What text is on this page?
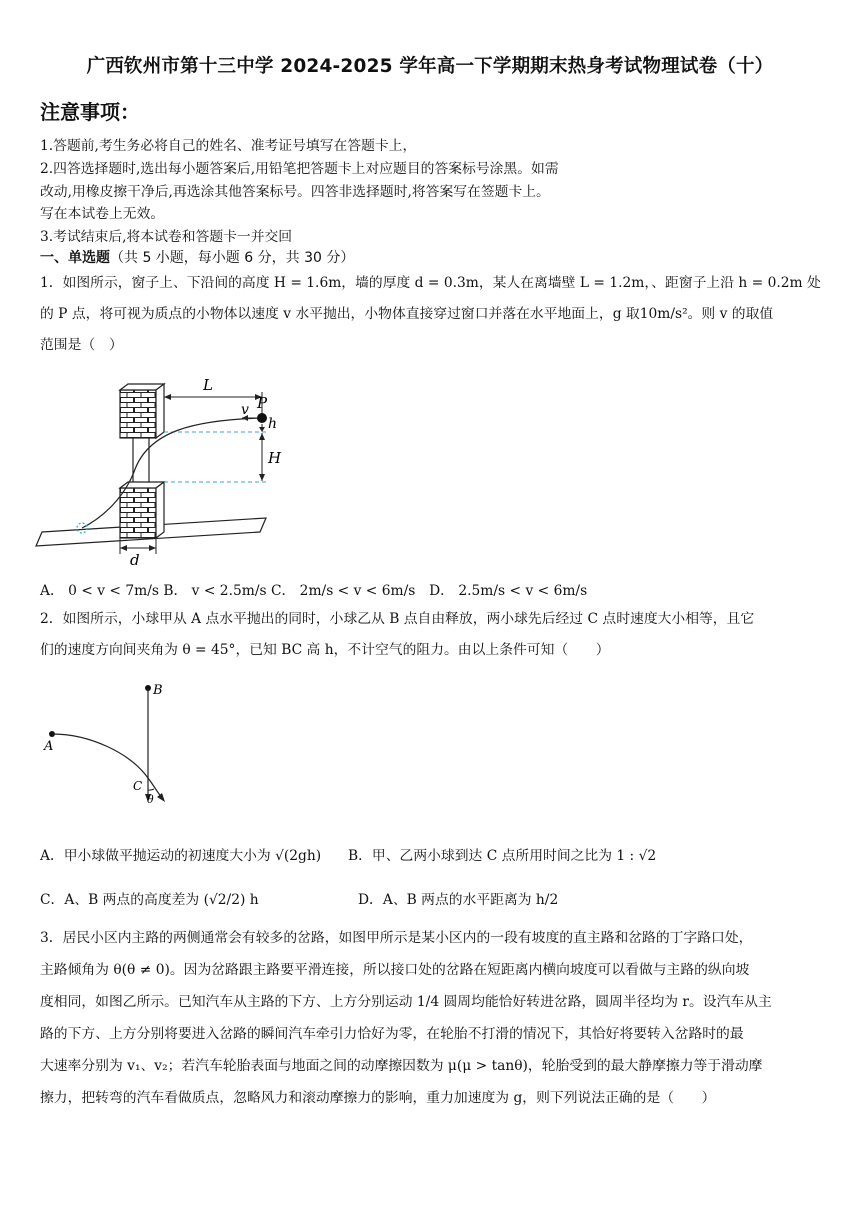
广西钦州市第十三中学 2024-2025 学年高一下学期期末热身考试物理试卷（十）
注意事项：
1.答题前,考生务必将自己的姓名、准考证号填写在答题卡上，
2.四答选择题时,选出每小题答案后,用铅笔把答题卡上对应题目的答案标号涂黑。如需
改动,用橡皮擦干净后,再选涂其他答案标号。四答非选择题时,将答案写在签题卡上。
写在本试卷上无效。
3.考试结束后,将本试卷和答题卡一并交回
一、单选题（共 5 小题，每小题 6 分，共 30 分）
1．如图所示，窗子上、下沿间的高度 H = 1.6m，墙的厚度 d = 0.3m，某人在离墙壁 L = 1.2m，、距窗子上沿 h = 0.2m 处
的 P 点，将可视为质点的小物体以速度 v 水平抛出，小物体直接穿过窗口并落在水平地面上，g 取10m/s²。则 v 的取值
范围是（　）
L
v P
h
H
d
A． 0 < v < 7m/s B． v < 2.5m/s C． 2m/s < v < 6m/s　D． 2.5m/s < v < 6m/s
2．如图所示，小球甲从 A 点水平抛出的同时，小球乙从 B 点自由释放，两小球先后经过 C 点时速度大小相等，且它
们的速度方向间夹角为 θ = 45°，已知 BC 高 h，不计空气的阻力。由以上条件可知（　　）
B
A
C
θ
A．甲小球做平抛运动的初速度大小为 √(2gh) B．甲、乙两小球到达 C 点所用时间之比为 1 : √2
C．A、B 两点的高度差为 (√2/2) h	D．A、B 两点的水平距离为 h/2
3．居民小区内主路的两侧通常会有较多的岔路，如图甲所示是某小区内的一段有坡度的直主路和岔路的丁字路口处，
主路倾角为 θ(θ ≠ 0)。因为岔路跟主路要平滑连接，所以接口处的岔路在短距离内横向坡度可以看做与主路的纵向坡
度相同，如图乙所示。已知汽车从主路的下方、上方分别运动 1/4 圆周均能恰好转进岔路，圆周半径均为 r。设汽车从主
路的下方、上方分别将要进入岔路的瞬间汽车牵引力恰好为零，在轮胎不打滑的情况下，其恰好将要转入岔路时的最
大速率分别为 v₁、v₂；若汽车轮胎表面与地面之间的动摩擦因数为 μ(μ > tanθ)，轮胎受到的最大静摩擦力等于滑动摩
擦力，把转弯的汽车看做质点，忽略风力和滚动摩擦力的影响，重力加速度为 g，则下列说法正确的是（　　）
